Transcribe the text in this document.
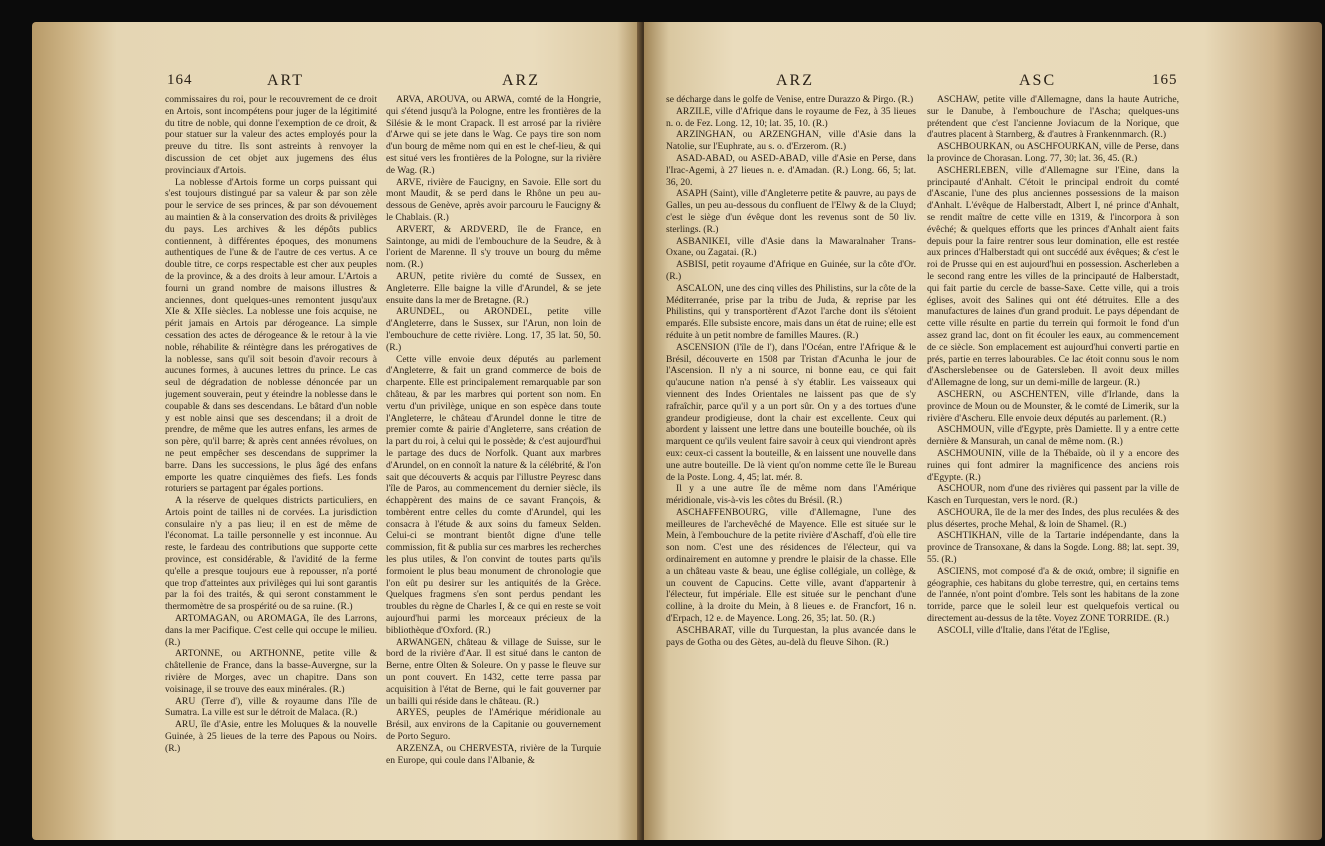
164	ART	ARZ

commissaires du roi, pour le recouvrement de ce droit en Artois, sont incompétens pour juger de la légitimité du titre de noble, qui donne l'exemption de ce droit, & pour statuer sur la valeur des actes employés pour la preuve du titre. Ils sont astreints à renvoyer la discussion de cet objet aux jugemens des élus provinciaux d'Artois.

La noblesse d'Artois forme un corps puissant qui s'est toujours distingué par sa valeur & par son zèle pour le service de ses princes, & par son dévouement au maintien & à la conservation des droits & privilèges du pays. Les archives & les dépôts publics contiennent, à différentes époques, des monumens authentiques de l'une & de l'autre de ces vertus. A ce double titre, ce corps respectable est cher aux peuples de la province, & a des droits à leur amour. L'Artois a fourni un grand nombre de maisons illustres & anciennes, dont quelques-unes remontent jusqu'aux XIe & XIIe siècles. La noblesse une fois acquise, ne périt jamais en Artois par dérogeance. La simple cessation des actes de dérogeance & le retour à la vie noble, réhabilite & réintègre dans les prérogatives de la noblesse, sans qu'il soit besoin d'avoir recours à aucunes formes, à aucunes lettres du prince. Le cas seul de dégradation de noblesse dénoncée par un jugement souverain, peut y éteindre la noblesse dans le coupable & dans ses descendans. Le bâtard d'un noble y est noble ainsi que ses descendans; il a droit de prendre, de même que les autres enfans, les armes de son père, qu'il barre; & après cent années révolues, on ne peut empêcher ses descendans de supprimer la barre. Dans les successions, le plus âgé des enfans emporte les quatre cinquièmes des fiefs. Les fonds roturiers se partagent par égales portions.

A la réserve de quelques districts particuliers, en Artois point de tailles ni de corvées. La jurisdiction consulaire n'y a pas lieu; il en est de même de l'économat. La taille personnelle y est inconnue. Au reste, le fardeau des contributions que supporte cette province, est considérable, & l'avidité de la ferme qu'elle a presque toujours eue à repousser, n'a porté que trop d'atteintes aux privilèges qui lui sont garantis par la foi des traités, & qui seront constamment le thermomètre de sa prospérité ou de sa ruine. (R.)

ARTOMAGAN, ou AROMAGA, île des Larrons, dans la mer Pacifique. C'est celle qui occupe le milieu. (R.)

ARTONNE, ou ARTHONNE, petite ville & châtellenie de France, dans la basse-Auvergne, sur la rivière de Morges, avec un chapitre. Dans son voisinage, il se trouve des eaux minérales. (R.)

ARU (Terre d'), ville & royaume dans l'île de Sumatra. La ville est sur le détroit de Malaca. (R.)

ARU, île d'Asie, entre les Moluques & la nouvelle Guinée, à 25 lieues de la terre des Papous ou Noirs. (R.)

ARVA, AROUVA, ou ARWA, comté de la Hongrie, qui s'étend jusqu'à la Pologne, entre les frontières de la Silésie & le mont Crapack. Il est arrosé par la rivière d'Arwe qui se jete dans le Wag. Ce pays tire son nom d'un bourg de même nom qui en est le chef-lieu, & qui est situé vers les frontières de la Pologne, sur la rivière de Wag. (R.)

ARVE, rivière de Faucigny, en Savoie. Elle sort du mont Maudit, & se perd dans le Rhône un peu au-dessous de Genève, après avoir parcouru le Faucigny & le Chablais. (R.)

ARVERT, & ARDVERD, île de France, en Saintonge, au midi de l'embouchure de la Seudre, & à l'orient de Marenne. Il s'y trouve un bourg du même nom. (R.)

ARUN, petite rivière du comté de Sussex, en Angleterre. Elle baigne la ville d'Arundel, & se jete ensuite dans la mer de Bretagne. (R.)

ARUNDEL, ou ARONDEL, petite ville d'Angleterre, dans le Sussex, sur l'Arun, non loin de l'embouchure de cette rivière. Long. 17, 35 lat. 50, 50. (R.)

Cette ville envoie deux députés au parlement d'Angleterre, & fait un grand commerce de bois de charpente. Elle est principalement remarquable par son château, & par les marbres qui portent son nom. En vertu d'un privilège, unique en son espèce dans toute l'Angleterre, le château d'Arundel donne le titre de premier comte & pairie d'Angleterre, sans création de la part du roi, à celui qui le possède; & c'est aujourd'hui le partage des ducs de Norfolk. Quant aux marbres d'Arundel, on en connoît la nature & la célébrité, & l'on sait que découverts & acquis par l'illustre Peyresc dans l'île de Paros, au commencement du dernier siècle, ils échappèrent des mains de ce savant François, & tombèrent entre celles du comte d'Arundel, qui les consacra à l'étude & aux soins du fameux Selden. Celui-ci se montrant bientôt digne d'une telle commission, fit & publia sur ces marbres les recherches les plus utiles, & l'on convint de toutes parts qu'ils formoient le plus beau monument de chronologie que l'on eût pu desirer sur les antiquités de la Grèce. Quelques fragmens s'en sont perdus pendant les troubles du règne de Charles I, & ce qui en reste se voit aujourd'hui parmi les morceaux précieux de la bibliothèque d'Oxford. (R.)

ARWANGEN, château & village de Suisse, sur le bord de la rivière d'Aar. Il est situé dans le canton de Berne, entre Olten & Soleure. On y passe le fleuve sur un pont couvert. En 1432, cette terre passa par acquisition à l'état de Berne, qui le fait gouverner par un bailli qui réside dans le château. (R.)

ARYES, peuples de l'Amérique méridionale au Brésil, aux environs de la Capitanie ou gouvernement de Porto Seguro.

ARZENZA, ou CHERVESTA, rivière de la Turquie en Europe, qui coule dans l'Albanie, &

ARZ	ASC	165

se décharge dans le golfe de Venise, entre Durazzo & Pirgo. (R.)

ARZILE, ville d'Afrique dans le royaume de Fez, à 35 lieues n. o. de Fez. Long. 12, 10; lat. 35, 10. (R.)

ARZINGHAN, ou ARZENGHAN, ville d'Asie dans la Natolie, sur l'Euphrate, au s. o. d'Erzerom. (R.)

ASAD-ABAD, ou ASED-ABAD, ville d'Asie en Perse, dans l'Irac-Agemi, à 27 lieues n. e. d'Amadan. (R.) Long. 66, 5; lat. 36, 20.

ASAPH (Saint), ville d'Angleterre petite & pauvre, au pays de Galles, un peu au-dessous du confluent de l'Elwy & de la Cluyd; c'est le siège d'un évêque dont les revenus sont de 50 liv. sterlings. (R.)

ASBANIKEI, ville d'Asie dans la Mawaralnaher Trans-Oxane, ou Zagatai. (R.)

ASBISI, petit royaume d'Afrique en Guinée, sur la côte d'Or. (R.)

ASCALON, une des cinq villes des Philistins, sur la côte de la Méditerranée, prise par la tribu de Juda, & reprise par les Philistins, qui y transportèrent d'Azot l'arche dont ils s'étoient emparés. Elle subsiste encore, mais dans un état de ruine; elle est réduite à un petit nombre de familles Maures. (R.)

ASCENSION (l'île de l'), dans l'Océan, entre l'Afrique & le Brésil, découverte en 1508 par Tristan d'Acunha le jour de l'Ascension. Il n'y a ni source, ni bonne eau, ce qui fait qu'aucune nation n'a pensé à s'y établir. Les vaisseaux qui viennent des Indes Orientales ne laissent pas que de s'y rafraîchir, parce qu'il y a un port sûr. On y a des tortues d'une grandeur prodigieuse, dont la chair est excellente. Ceux qui abordent y laissent une lettre dans une bouteille bouchée, où ils marquent ce qu'ils veulent faire savoir à ceux qui viendront après eux: ceux-ci cassent la bouteille, & en laissent une nouvelle dans une autre bouteille. De là vient qu'on nomme cette île le Bureau de la Poste. Long. 4, 45; lat. mér. 8.

Il y a une autre île de même nom dans l'Amérique méridionale, vis-à-vis les côtes du Brésil. (R.)

ASCHAFFENBOURG, ville d'Allemagne, l'une des meilleures de l'archevêché de Mayence. Elle est située sur le Mein, à l'embouchure de la petite rivière d'Aschaff, d'où elle tire son nom. C'est une des résidences de l'électeur, qui va ordinairement en automne y prendre le plaisir de la chasse. Elle a un château vaste & beau, une église collégiale, un collège, & un couvent de Capucins. Cette ville, avant d'appartenir à l'électeur, fut impériale. Elle est située sur le penchant d'une colline, à la droite du Mein, à 8 lieues e. de Francfort, 16 n. d'Erpach, 12 e. de Mayence. Long. 26, 35; lat. 50. (R.)

ASCHBARAT, ville du Turquestan, la plus avancée dans le pays de Gotha ou des Gètes, au-delà du fleuve Sihon. (R.)

ASCHAW, petite ville d'Allemagne, dans la haute Autriche, sur le Danube, à l'embouchure de l'Ascha; quelques-uns prétendent que c'est l'ancienne Joviacum de la Norique, que d'autres placent à Starnberg, & d'autres à Frankennmarch. (R.)

ASCHBOURKAN, ou ASCHFOURKAN, ville de Perse, dans la province de Chorasan. Long. 77, 30; lat. 36, 45. (R.)

ASCHERLEBEN, ville d'Allemagne sur l'Eine, dans la principauté d'Anhalt. C'étoit le principal endroit du comté d'Ascanie, l'une des plus anciennes possessions de la maison d'Anhalt. L'évêque de Halberstadt, Albert I, né prince d'Anhalt, se rendit maître de cette ville en 1319, & l'incorpora à son évêché; & quelques efforts que les princes d'Anhalt aient faits depuis pour la faire rentrer sous leur domination, elle est restée aux princes d'Halberstadt qui ont succédé aux évêques; & c'est le roi de Prusse qui en est aujourd'hui en possession. Ascherleben a le second rang entre les villes de la principauté de Halberstadt, qui fait partie du cercle de basse-Saxe. Cette ville, qui a trois églises, avoit des Salines qui ont été détruites. Elle a des manufactures de laines d'un grand produit. Le pays dépendant de cette ville résulte en partie du terrein qui formoit le fond d'un assez grand lac, dont on fit écouler les eaux, au commencement de ce siècle. Son emplacement est aujourd'hui converti partie en prés, partie en terres labourables. Ce lac étoit connu sous le nom d'Ascherslebensee ou de Gatersleben. Il avoit deux milles d'Allemagne de long, sur un demi-mille de largeur. (R.)

ASCHERN, ou ASCHENTEN, ville d'Irlande, dans la province de Moun ou de Mounster, & le comté de Limerik, sur la rivière d'Ascheru. Elle envoie deux députés au parlement. (R.)

ASCHMOUN, ville d'Egypte, près Damiette. Il y a entre cette dernière & Mansurah, un canal de même nom. (R.)

ASCHMOUNIN, ville de la Thébaïde, où il y a encore des ruines qui font admirer la magnificence des anciens rois d'Egypte. (R.)

ASCHOUR, nom d'une des rivières qui passent par la ville de Kasch en Turquestan, vers le nord. (R.)

ASCHOURA, île de la mer des Indes, des plus reculées & des plus désertes, proche Mehal, & loin de Shamel. (R.)

ASCHTIKHAN, ville de la Tartarie indépendante, dans la province de Transoxane, & dans la Sogde. Long. 88; lat. sept. 39, 55. (R.)

ASCIENS, mot composé d'a & de σκιά, ombre; il signifie en géographie, ces habitans du globe terrestre, qui, en certains tems de l'année, n'ont point d'ombre. Tels sont les habitans de la zone torride, parce que le soleil leur est quelquefois vertical ou directement au-dessus de la tête. Voyez ZONE TORRIDE. (R.)

ASCOLI, ville d'Italie, dans l'état de l'Eglise,
